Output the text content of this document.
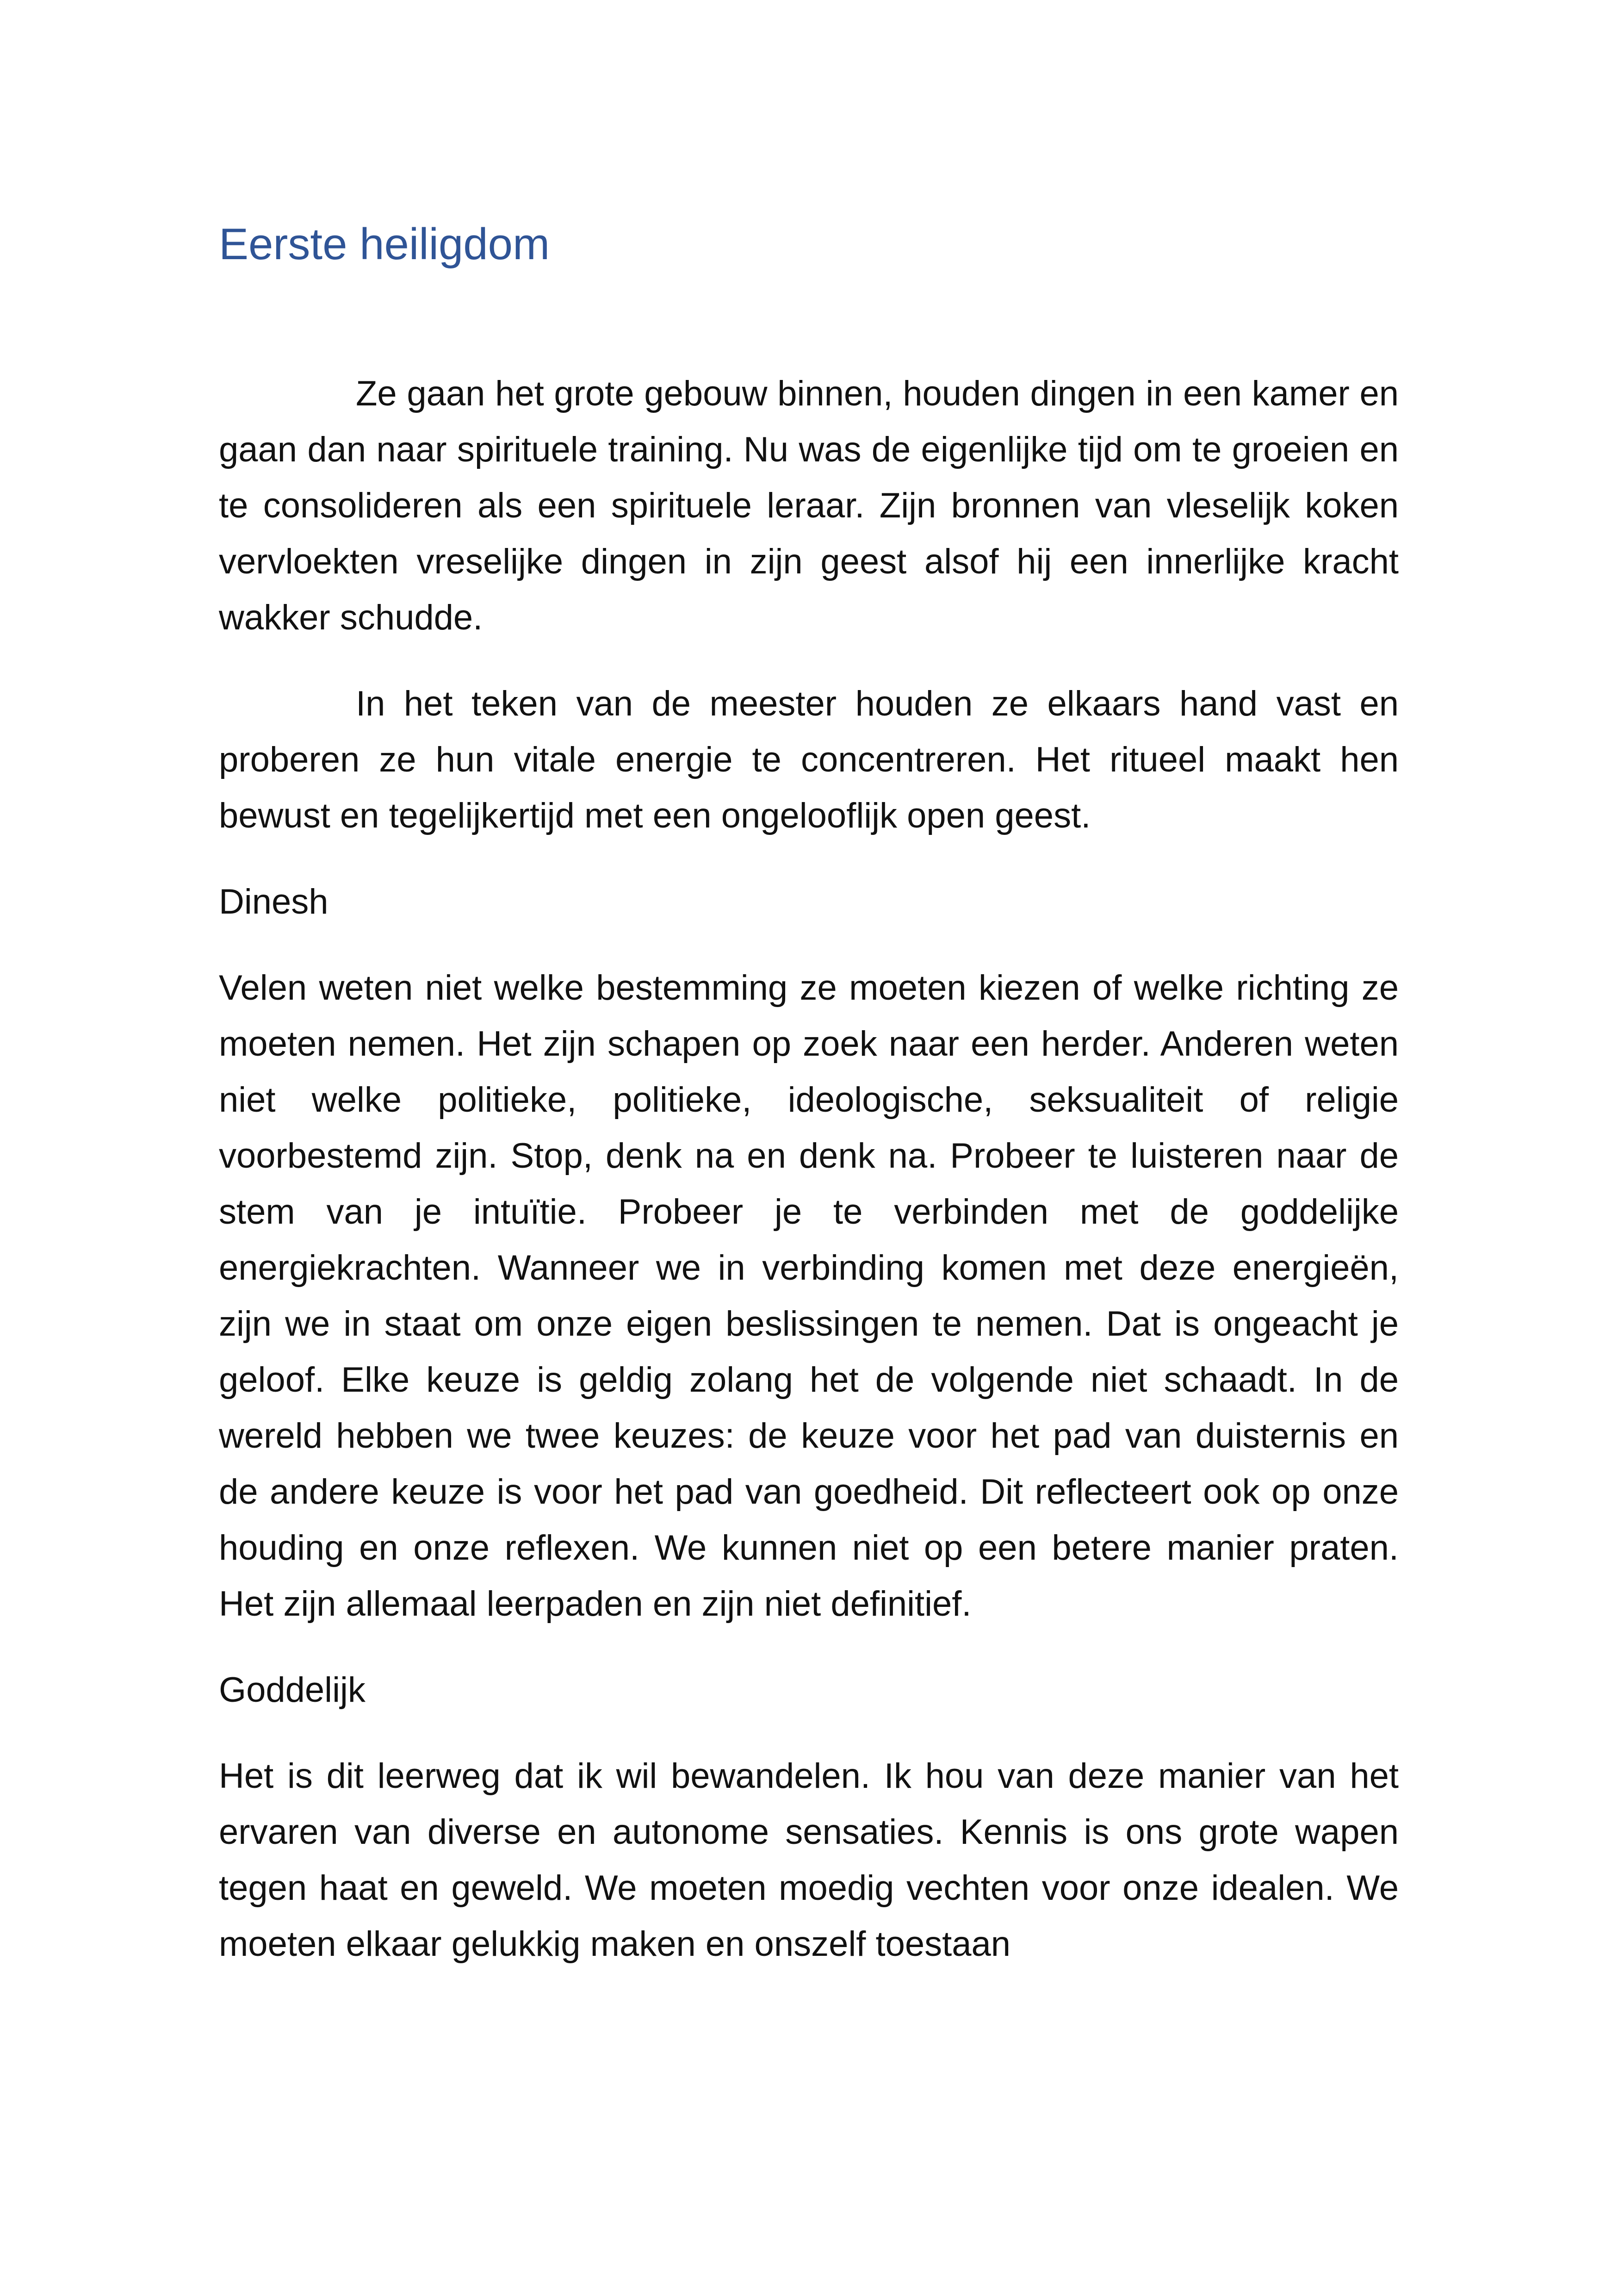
Eerste heiligdom

Ze gaan het grote gebouw binnen, houden dingen in een kamer en gaan dan naar spirituele training. Nu was de eigenlijke tijd om te groeien en te consolideren als een spirituele leraar. Zijn bronnen van vleselijk koken vervloekten vreselijke dingen in zijn geest alsof hij een innerlijke kracht wakker schudde.

In het teken van de meester houden ze elkaars hand vast en proberen ze hun vitale energie te concentreren. Het ritueel maakt hen bewust en tegelijkertijd met een ongelooflijk open geest.

Dinesh

Velen weten niet welke bestemming ze moeten kiezen of welke richting ze moeten nemen. Het zijn schapen op zoek naar een herder. Anderen weten niet welke politieke, politieke, ideologische, seksualiteit of religie voorbestemd zijn. Stop, denk na en denk na. Probeer te luisteren naar de stem van je intuïtie. Probeer je te verbinden met de goddelijke energiekrachten. Wanneer we in verbinding komen met deze energieën, zijn we in staat om onze eigen beslissingen te nemen. Dat is ongeacht je geloof. Elke keuze is geldig zolang het de volgende niet schaadt. In de wereld hebben we twee keuzes: de keuze voor het pad van duisternis en de andere keuze is voor het pad van goedheid. Dit reflecteert ook op onze houding en onze reflexen. We kunnen niet op een betere manier praten. Het zijn allemaal leerpaden en zijn niet definitief.

Goddelijk

Het is dit leerweg dat ik wil bewandelen. Ik hou van deze manier van het ervaren van diverse en autonome sensaties. Kennis is ons grote wapen tegen haat en geweld. We moeten moedig vechten voor onze idealen. We moeten elkaar gelukkig maken en onszelf toestaan
